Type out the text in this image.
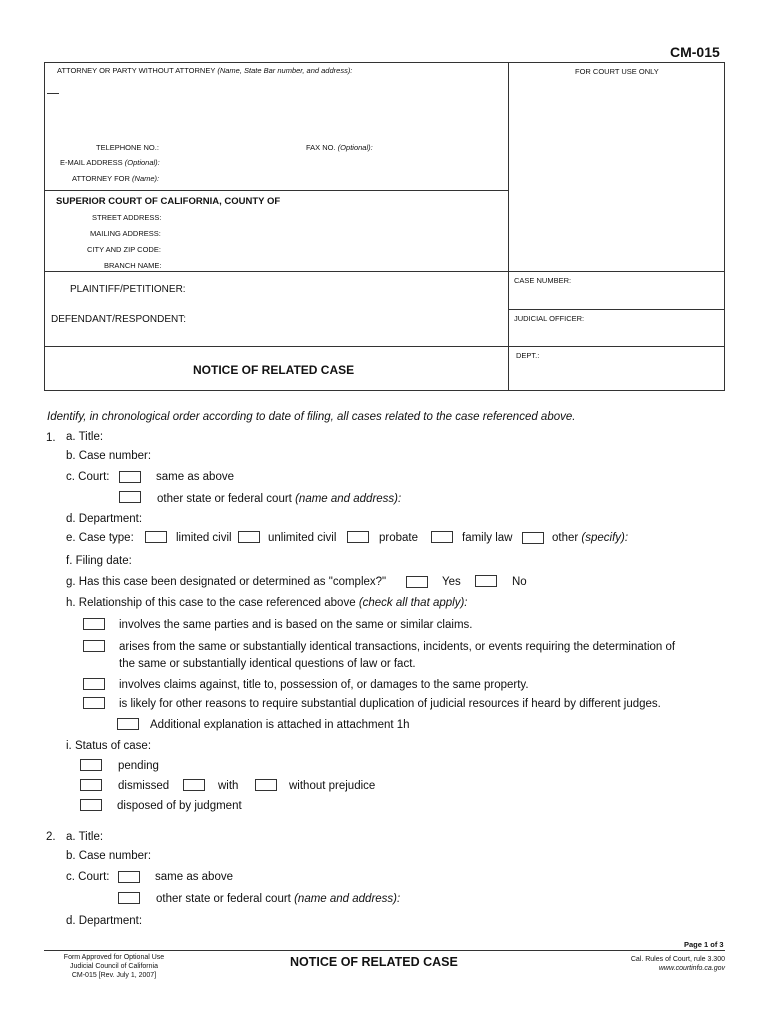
CM-015
ATTORNEY OR PARTY WITHOUT ATTORNEY (Name, State Bar number, and address):	FOR COURT USE ONLY
TELEPHONE NO.:	FAX NO. (Optional):
E-MAIL ADDRESS (Optional):
ATTORNEY FOR (Name):
SUPERIOR COURT OF CALIFORNIA, COUNTY OF
STREET ADDRESS:
MAILING ADDRESS:
CITY AND ZIP CODE:
BRANCH NAME:
PLAINTIFF/PETITIONER:
DEFENDANT/RESPONDENT:
CASE NUMBER:
JUDICIAL OFFICER:
DEPT.:
NOTICE OF RELATED CASE
Identify, in chronological order according to date of filing, all cases related to the case referenced above.
1. a. Title:
b. Case number:
c. Court:	same as above
other state or federal court (name and address):
d. Department:
e. Case type:	limited civil	unlimited civil	probate	family law	other (specify):
f. Filing date:
g. Has this case been designated or determined as "complex?"	Yes	No
h. Relationship of this case to the case referenced above (check all that apply):
involves the same parties and is based on the same or similar claims.
arises from the same or substantially identical transactions, incidents, or events requiring the determination of
the same or substantially identical questions of law or fact.
involves claims against, title to, possession of, or damages to the same property.
is likely for other reasons to require substantial duplication of judicial resources if heard by different judges.
Additional explanation is attached in attachment 1h
i. Status of case:
pending
dismissed	with	without prejudice
disposed of by judgment
2. a. Title:
b. Case number:
c. Court:	same as above
other state or federal court (name and address):
d. Department:
Page 1 of 3
Form Approved for Optional Use
Judicial Council of California
CM-015 [Rev. July 1, 2007]
NOTICE OF RELATED CASE	Cal. Rules of Court, rule 3.300
www.courtinfo.ca.gov
